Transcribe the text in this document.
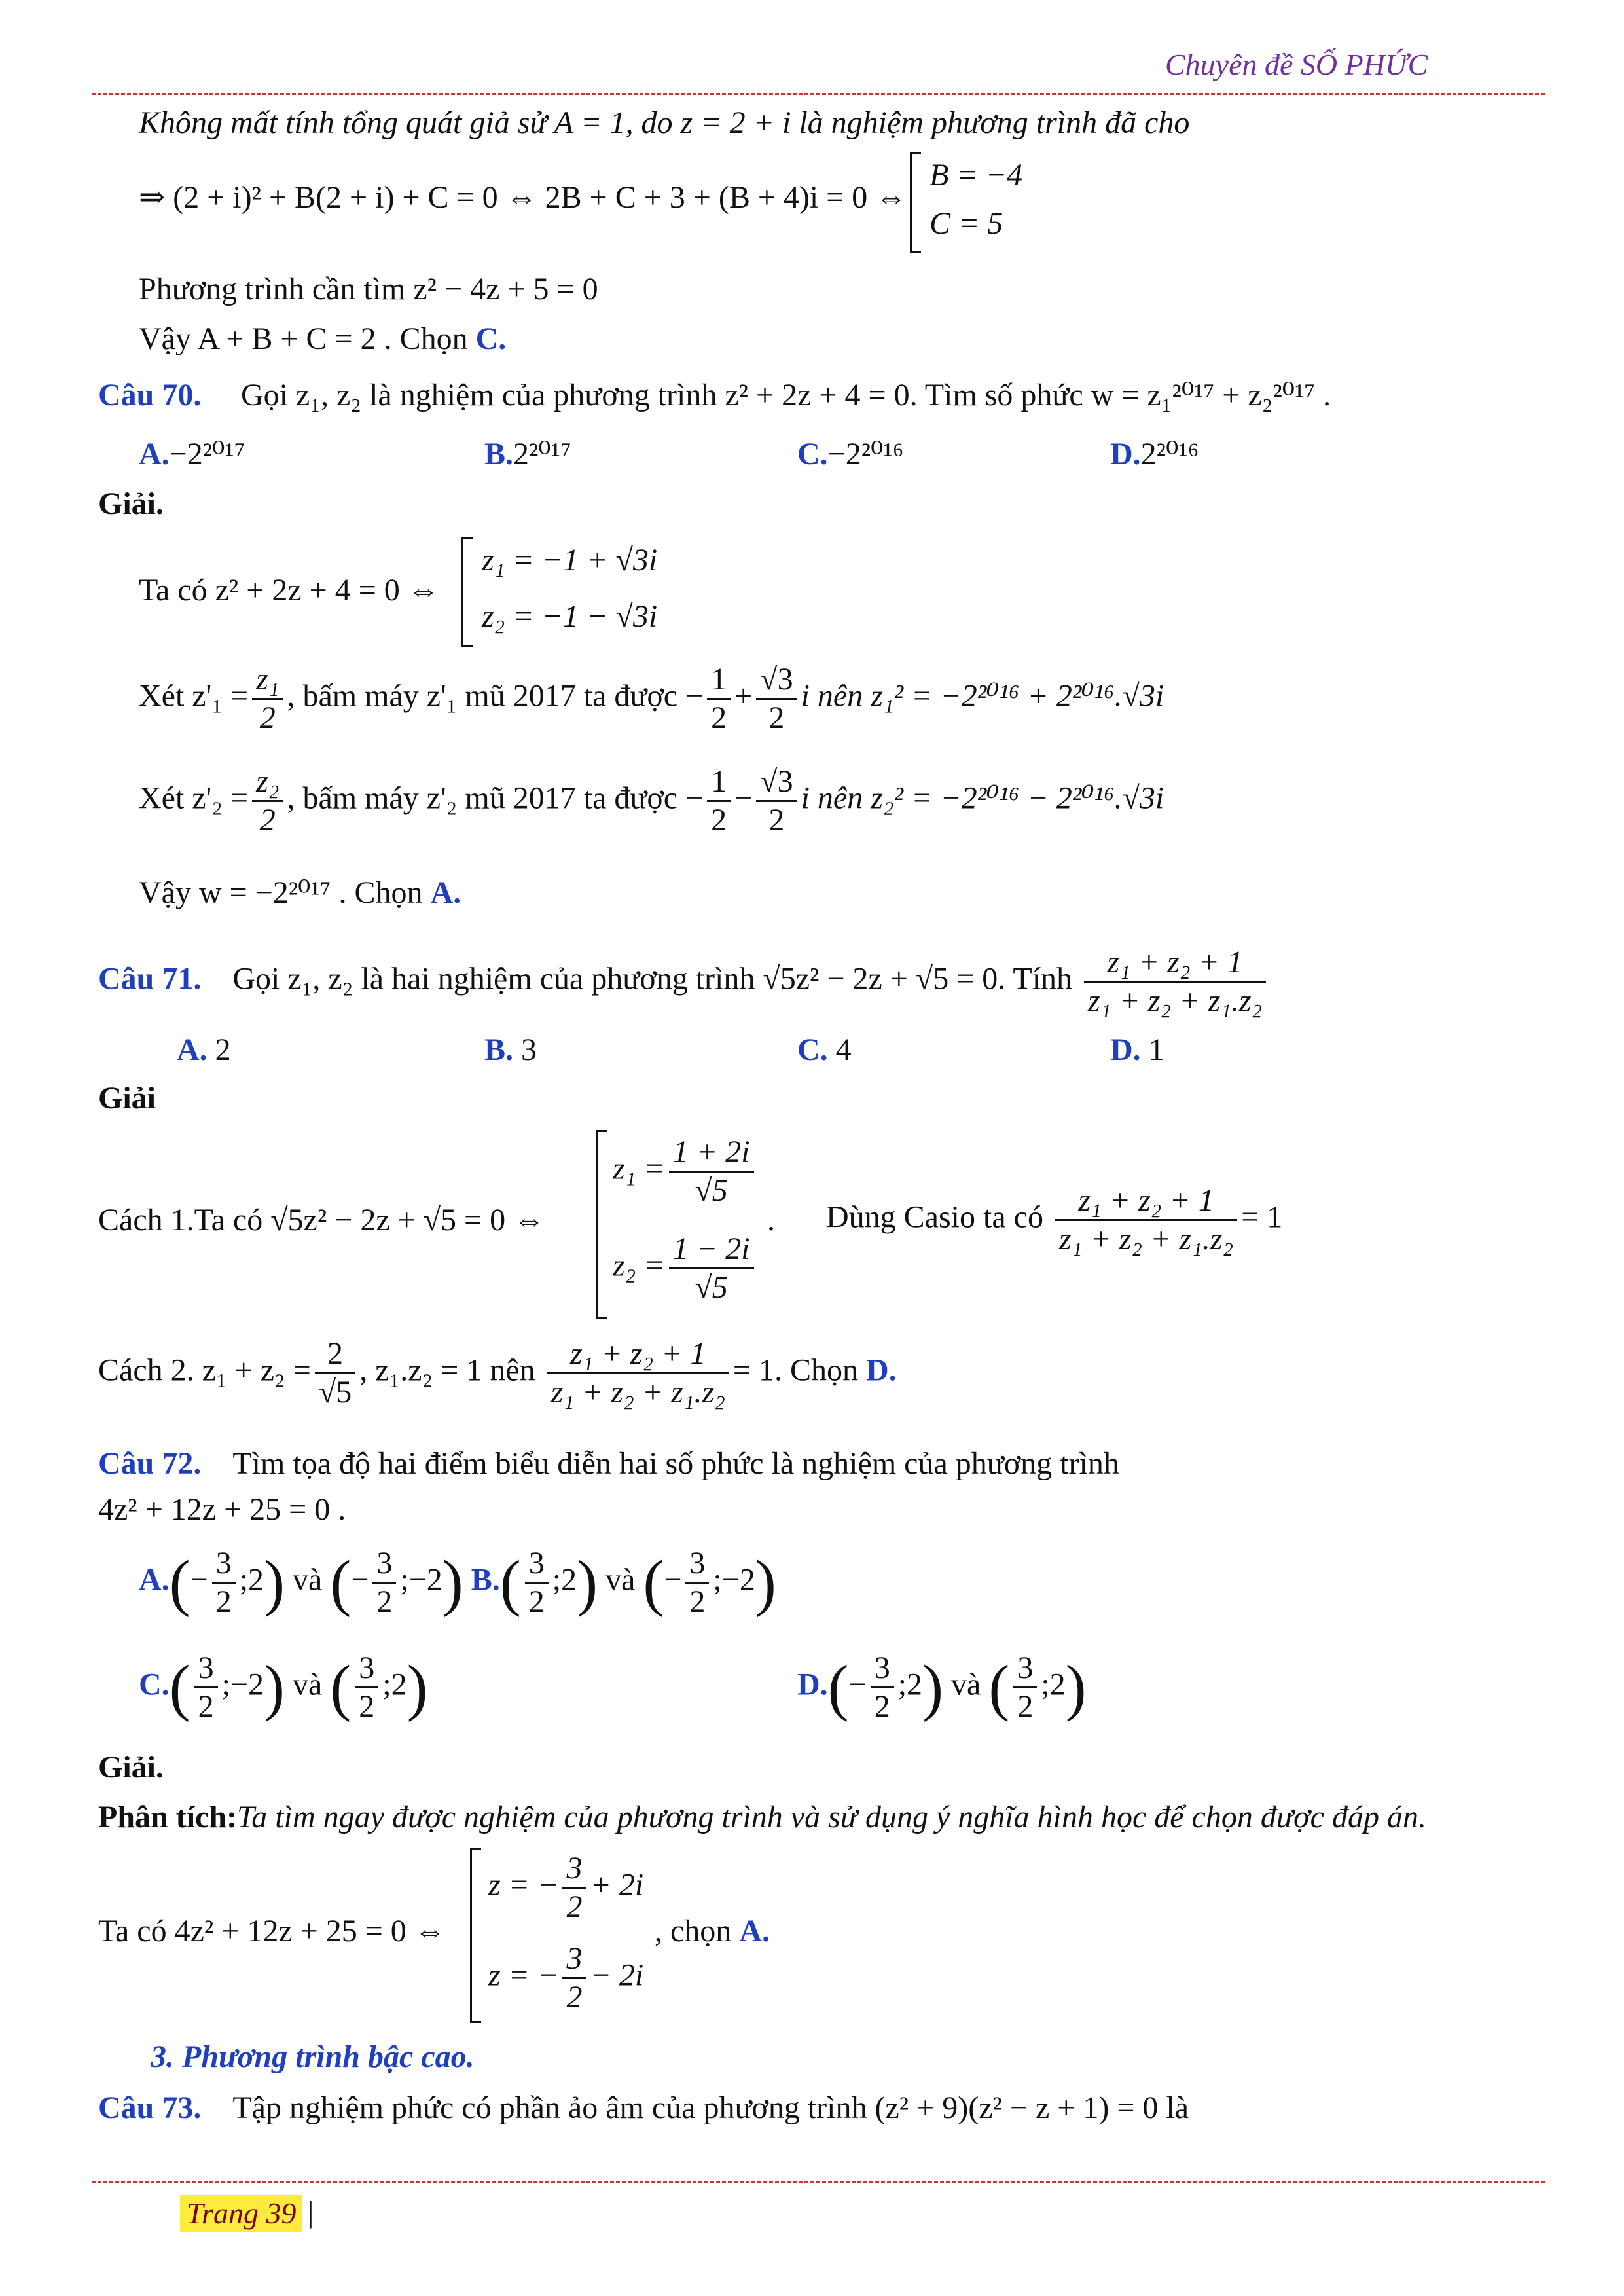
Chuyên đề SỐ PHỨC
Không mất tính tổng quát giả sử A = 1, do z = 2 + i là nghiệm phương trình đã cho
⇒ (2 + i)² + B(2 + i) + C = 0 ⇔ 2B + C + 3 + (B + 4)i = 0 ⇔
B = −4
C = 5
Phương trình cần tìm z² − 4z + 5 = 0
Vậy A + B + C = 2 . Chọn C.
Câu 70. Gọi z₁, z₂ là nghiệm của phương trình z² + 2z + 4 = 0. Tìm số phức w = z₁²⁰¹⁷ + z₂²⁰¹⁷ .
A.−2²⁰¹⁷	B.2²⁰¹⁷	C.−2²⁰¹⁶	D.2²⁰¹⁶
Giải.
Ta có z² + 2z + 4 = 0 ⇔
z₁ = −1 + √3i
z₂ = −1 − √3i
Xét $z'_1 = \frac{\text{z₁}}{2}$ , bấm máy z'₁ mũ 2017 ta được − $\frac{1}{2} + \frac{√3}{2}$ i nên z₁² = −2²⁰¹⁶ + 2²⁰¹⁶.√3i
Xét $z'_2 = \frac{\text{z₂}}{2}$ , bấm máy z'₂ mũ 2017 ta được − $\frac{1}{2} - \frac{√3}{2}$ i nên z₂² = −2²⁰¹⁶ − 2²⁰¹⁶.√3i
Vậy w = −2²⁰¹⁷ . Chọn A.
Câu 71. Gọi z₁, z₂ là hai nghiệm của phương trình √5z² − 2z + √5 = 0. Tính $\frac{\text{z₁ + z₂ + 1}}{\text{z₁ + z₂ + z₁.z₂}}$
A. 2	B. 3	C. 4	D. 1
Giải
Cách 1.Ta có √5z² − 2z + √5 = 0 ⇔
$z_1 = \frac{1 + 2i}{√5}$
$z_2 = \frac{1 - 2i}{√5}$
. Dùng Casio ta có $\frac{\text{z₁ + z₂ + 1}}{\text{z₁ + z₂ + z₁.z₂}} = 1$
Cách 2. $z_1 + z_2 = \frac{2}{√5}$ , z₁.z₂ = 1 nên $\frac{\text{z₁ + z₂ + 1}}{\text{z₁ + z₂ + z₁.z₂}} = 1$. Chọn D.
Câu 72. Tìm tọa độ hai điểm biểu diễn hai số phức là nghiệm của phương trình
4z² + 12z + 25 = 0 .
$A.(- \frac{3}{2}$ ;2) và (− $\frac{3}{2}$ ;−2) $B.( \frac{3}{2}$ ;2) và (− $\frac{3}{2}$ ;−2)
$C.( \frac{3}{2}$ ;−2) và ( $\frac{3}{2}$ ;2)	$D.(- \frac{3}{2}$ ;2) và ( $\frac{3}{2}$ ;2)
Giải.
Phân tích:Ta tìm ngay được nghiệm của phương trình và sử dụng ý nghĩa hình học để chọn được đáp án.
Ta có 4z² + 12z + 25 = 0 ⇔
z = − $\frac{3}{2} + 2i$
z = − $\frac{3}{2} - 2i$
, chọn A.
3. Phương trình bậc cao.
Câu 73. Tập nghiệm phức có phần ảo âm của phương trình (z² + 9)(z² − z + 1) = 0 là
Trang 39 |
